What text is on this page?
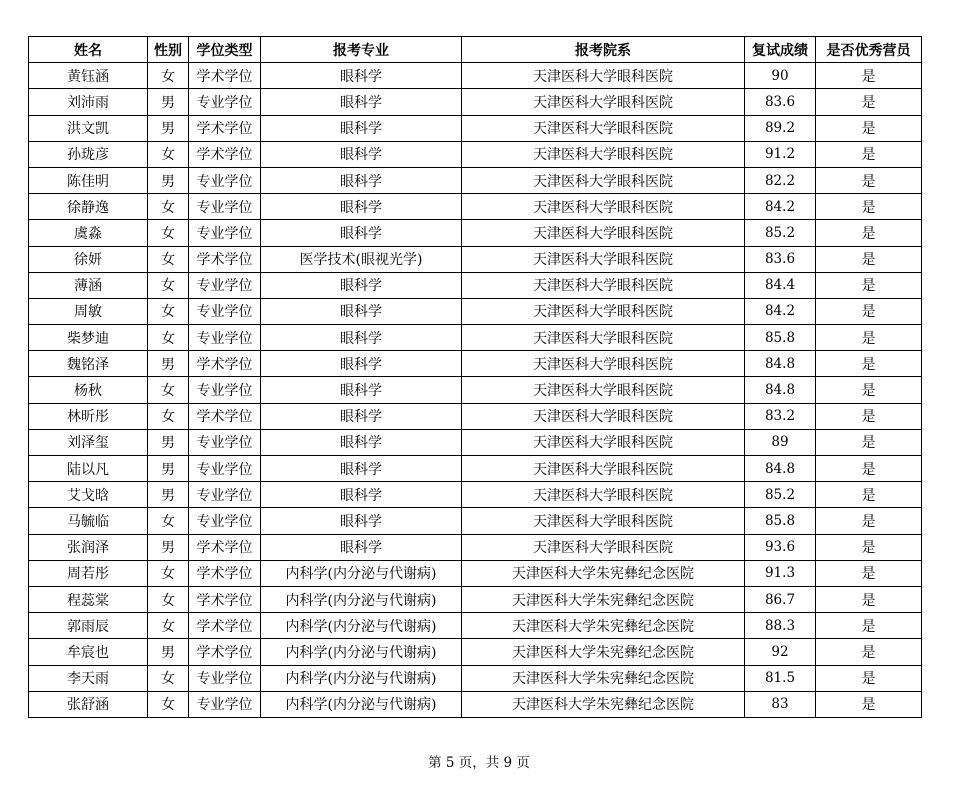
姓名	性别	学位类型	报考专业	报考院系	复试成绩	是否优秀营员
黄钰涵	女	学术学位	眼科学	天津医科大学眼科医院	90	是
刘沛雨	男	专业学位	眼科学	天津医科大学眼科医院	83.6	是
洪文凯	男	学术学位	眼科学	天津医科大学眼科医院	89.2	是
孙珑彦	女	学术学位	眼科学	天津医科大学眼科医院	91.2	是
陈佳明	男	专业学位	眼科学	天津医科大学眼科医院	82.2	是
徐静逸	女	专业学位	眼科学	天津医科大学眼科医院	84.2	是
虞淼	女	专业学位	眼科学	天津医科大学眼科医院	85.2	是
徐妍	女	学术学位	医学技术(眼视光学)	天津医科大学眼科医院	83.6	是
薄涵	女	专业学位	眼科学	天津医科大学眼科医院	84.4	是
周敏	女	专业学位	眼科学	天津医科大学眼科医院	84.2	是
柴梦迪	女	专业学位	眼科学	天津医科大学眼科医院	85.8	是
魏铭泽	男	学术学位	眼科学	天津医科大学眼科医院	84.8	是
杨秋	女	专业学位	眼科学	天津医科大学眼科医院	84.8	是
林昕彤	女	学术学位	眼科学	天津医科大学眼科医院	83.2	是
刘泽玺	男	专业学位	眼科学	天津医科大学眼科医院	89	是
陆以凡	男	专业学位	眼科学	天津医科大学眼科医院	84.8	是
艾戈晗	男	专业学位	眼科学	天津医科大学眼科医院	85.2	是
马毓临	女	专业学位	眼科学	天津医科大学眼科医院	85.8	是
张润泽	男	学术学位	眼科学	天津医科大学眼科医院	93.6	是
周若彤	女	学术学位	内科学(内分泌与代谢病)	天津医科大学朱宪彝纪念医院	91.3	是
程蕊棠	女	学术学位	内科学(内分泌与代谢病)	天津医科大学朱宪彝纪念医院	86.7	是
郭雨辰	女	学术学位	内科学(内分泌与代谢病)	天津医科大学朱宪彝纪念医院	88.3	是
牟宸也	男	学术学位	内科学(内分泌与代谢病)	天津医科大学朱宪彝纪念医院	92	是
李天雨	女	专业学位	内科学(内分泌与代谢病)	天津医科大学朱宪彝纪念医院	81.5	是
张舒涵	女	专业学位	内科学(内分泌与代谢病)	天津医科大学朱宪彝纪念医院	83	是
第 5 页，共 9 页
